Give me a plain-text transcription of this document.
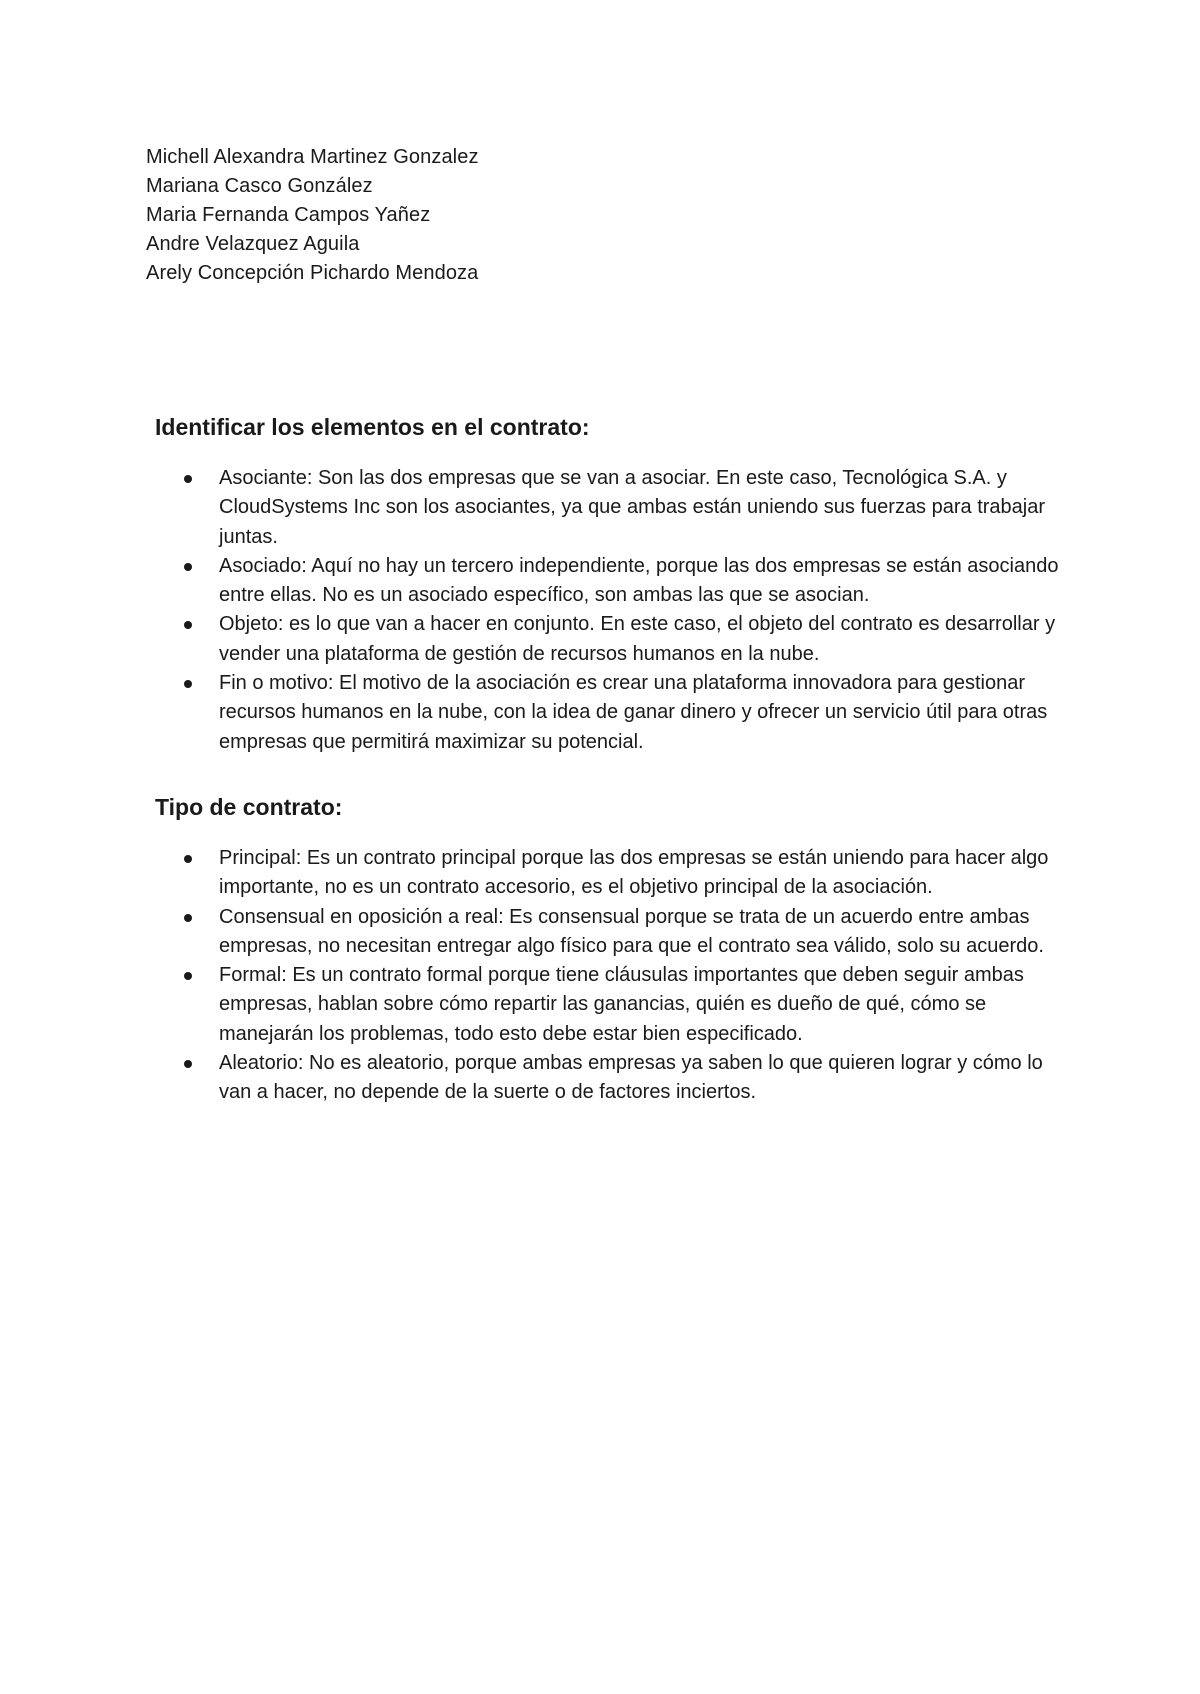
Michell Alexandra Martinez Gonzalez
Mariana Casco González
Maria Fernanda Campos Yañez
Andre Velazquez Aguila
Arely Concepción Pichardo Mendoza
Identificar los elementos en el contrato:
Asociante: Son las dos empresas que se van a asociar. En este caso, Tecnológica S.A. y CloudSystems Inc son los asociantes, ya que ambas están uniendo sus fuerzas para trabajar juntas.
Asociado: Aquí no hay un tercero independiente, porque las dos empresas se están asociando entre ellas. No es un asociado específico, son ambas las que se asocian.
Objeto: es lo que van a hacer en conjunto. En este caso, el objeto del contrato es desarrollar y vender una plataforma de gestión de recursos humanos en la nube.
Fin o motivo: El motivo de la asociación es crear una plataforma innovadora para gestionar recursos humanos en la nube, con la idea de ganar dinero y ofrecer un servicio útil para otras empresas que permitirá maximizar su potencial.
Tipo de contrato:
Principal: Es un contrato principal porque las dos empresas se están uniendo para hacer algo importante, no es un contrato accesorio, es el objetivo principal de la asociación.
Consensual en oposición a real: Es consensual porque se trata de un acuerdo entre ambas empresas, no necesitan entregar algo físico para que el contrato sea válido, solo su acuerdo.
Formal: Es un contrato formal porque tiene cláusulas importantes que deben seguir ambas empresas, hablan sobre cómo repartir las ganancias, quién es dueño de qué, cómo se manejarán los problemas, todo esto debe estar bien especificado.
Aleatorio: No es aleatorio, porque ambas empresas ya saben lo que quieren lograr y cómo lo van a hacer, no depende de la suerte o de factores inciertos.
